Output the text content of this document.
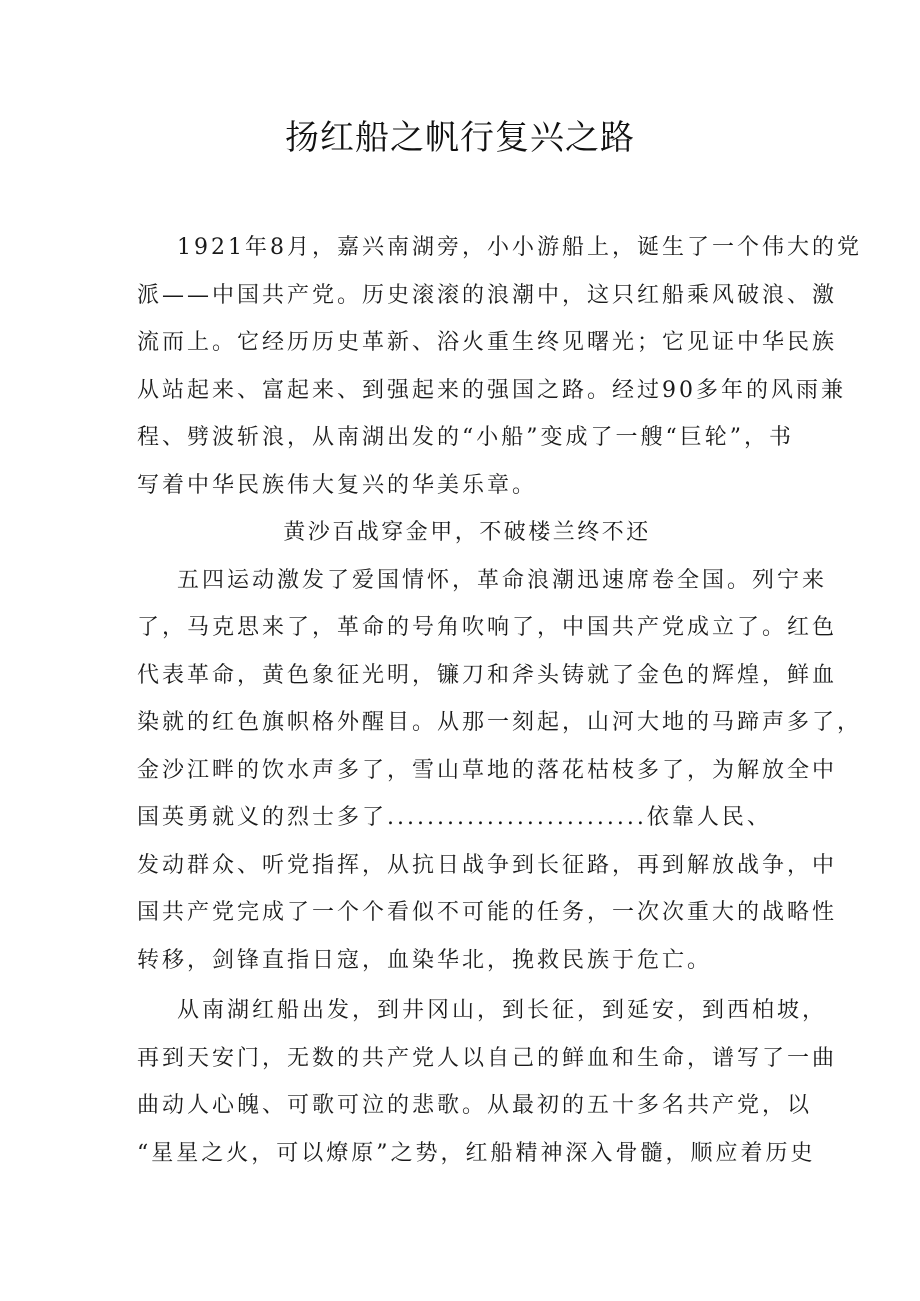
扬红船之帆行复兴之路
1921年8月，嘉兴南湖旁，小小游船上，诞生了一个伟大的党
派——中国共产党。历史滚滚的浪潮中，这只红船乘风破浪、激
流而上。它经历历史革新、浴火重生终见曙光；它见证中华民族
从站起来、富起来、到强起来的强国之路。经过90多年的风雨兼
程、劈波斩浪，从南湖出发的“小船”变成了一艘“巨轮”，书
写着中华民族伟大复兴的华美乐章。
黄沙百战穿金甲，不破楼兰终不还
五四运动激发了爱国情怀，革命浪潮迅速席卷全国。列宁来
了，马克思来了，革命的号角吹响了，中国共产党成立了。红色
代表革命，黄色象征光明，镰刀和斧头铸就了金色的辉煌，鲜血
染就的红色旗帜格外醒目。从那一刻起，山河大地的马蹄声多了，
金沙江畔的饮水声多了，雪山草地的落花枯枝多了，为解放全中
国英勇就义的烈士多了..........................依靠人民、
发动群众、听党指挥，从抗日战争到长征路，再到解放战争，中
国共产党完成了一个个看似不可能的任务，一次次重大的战略性
转移，剑锋直指日寇，血染华北，挽救民族于危亡。
从南湖红船出发，到井冈山，到长征，到延安，到西柏坡，
再到天安门，无数的共产党人以自己的鲜血和生命，谱写了一曲
曲动人心魄、可歌可泣的悲歌。从最初的五十多名共产党，以
“星星之火，可以燎原”之势，红船精神深入骨髓，顺应着历史
